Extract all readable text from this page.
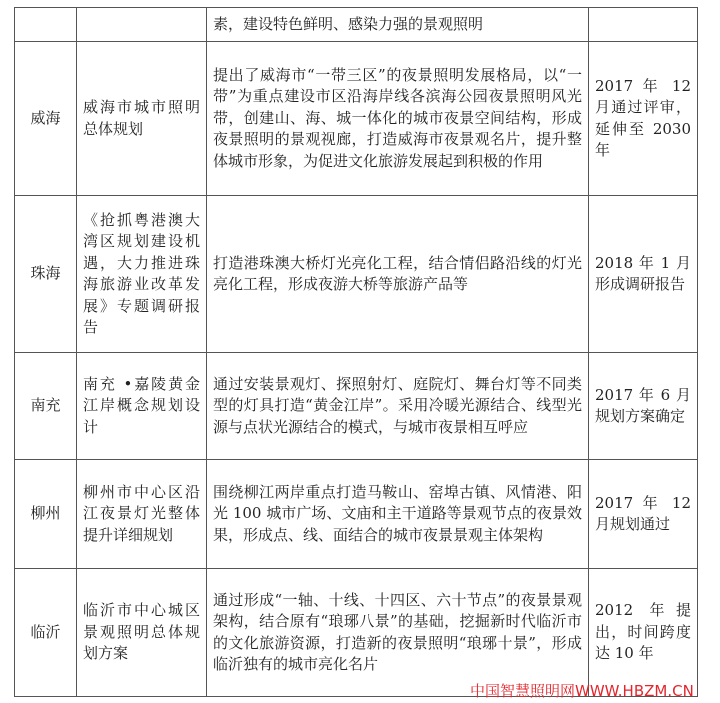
		素，建设特色鲜明、感染力强的景观照明	
威海	威海市城市照明总体规划	提出了威海市“一带三区”的夜景照明发展格局，以“一带”为重点建设市区沿海岸线各滨海公园夜景照明风光带，创建山、海、城一体化的城市夜景空间结构，形成夜景照明的景观视廊，打造威海市夜景观名片，提升整体城市形象，为促进文化旅游发展起到积极的作用	2017 年 12 月通过评审，延伸至 2030 年
珠海	《抢抓粤港澳大湾区规划建设机遇，大力推进珠海旅游业改革发展》专题调研报告	打造港珠澳大桥灯光亮化工程，结合情侣路沿线的灯光亮化工程，形成夜游大桥等旅游产品等	2018 年 1 月形成调研报告
南充	南充 •嘉陵黄金江岸概念规划设计	通过安装景观灯、探照射灯、庭院灯、舞台灯等不同类型的灯具打造“黄金江岸”。采用冷暖光源结合、线型光源与点状光源结合的模式，与城市夜景相互呼应	2017 年 6 月规划方案确定
柳州	柳州市中心区沿江夜景灯光整体提升详细规划	围绕柳江两岸重点打造马鞍山、窑埠古镇、风情港、阳光 100 城市广场、文庙和主干道路等景观节点的夜景效果，形成点、线、面结合的城市夜景景观主体架构	2017 年 12 月规划通过
临沂	临沂市中心城区景观照明总体规划方案	通过形成“一轴、十线、十四区、六十节点”的夜景景观架构，结合原有“琅琊八景”的基础，挖掘新时代临沂市的文化旅游资源，打造新的夜景照明“琅琊十景”，形成临沂独有的城市亮化名片	2012 年提出，时间跨度达 10 年
中国智慧照明网WWW.HBZM.CN
